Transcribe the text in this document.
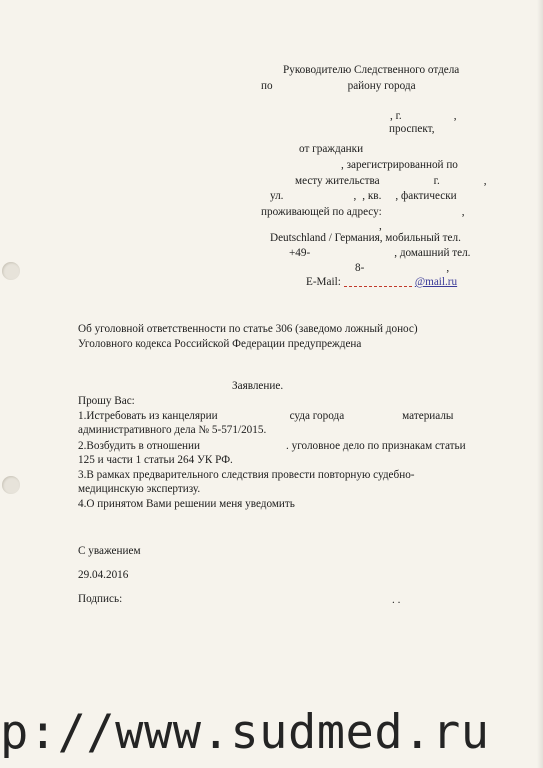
Руководителю Следственного отдела
по	району города
, г.	,
проспект,
от гражданки
, зарегистрированной по
месту жительства	г.	,
ул.	, , кв. , фактически
проживающей по адресу:	,
,
Deutschland / Германия, мобильный тел.
+49-	, домашний тел.
8-	,
E-Mail:	@mail.ru
Об уголовной ответственности по статье 306 (заведомо ложный донос)
Уголовного кодекса Российской Федерации предупреждена
Заявление.
Прошу Вас:
1.Истребовать из канцелярии	суда города	материалы
административного дела № 5-571/2015.
2.Возбудить в отношении	. уголовное дело по признакам статьи
125 и части 1 статьи 264 УК РФ.
3.В рамках предварительного следствия провести повторную судебно-
медицинскую экспертизу.
4.О принятом Вами решении меня уведомить
С уважением
29.04.2016
Подпись:	. .
p://www.sudmed.ru
